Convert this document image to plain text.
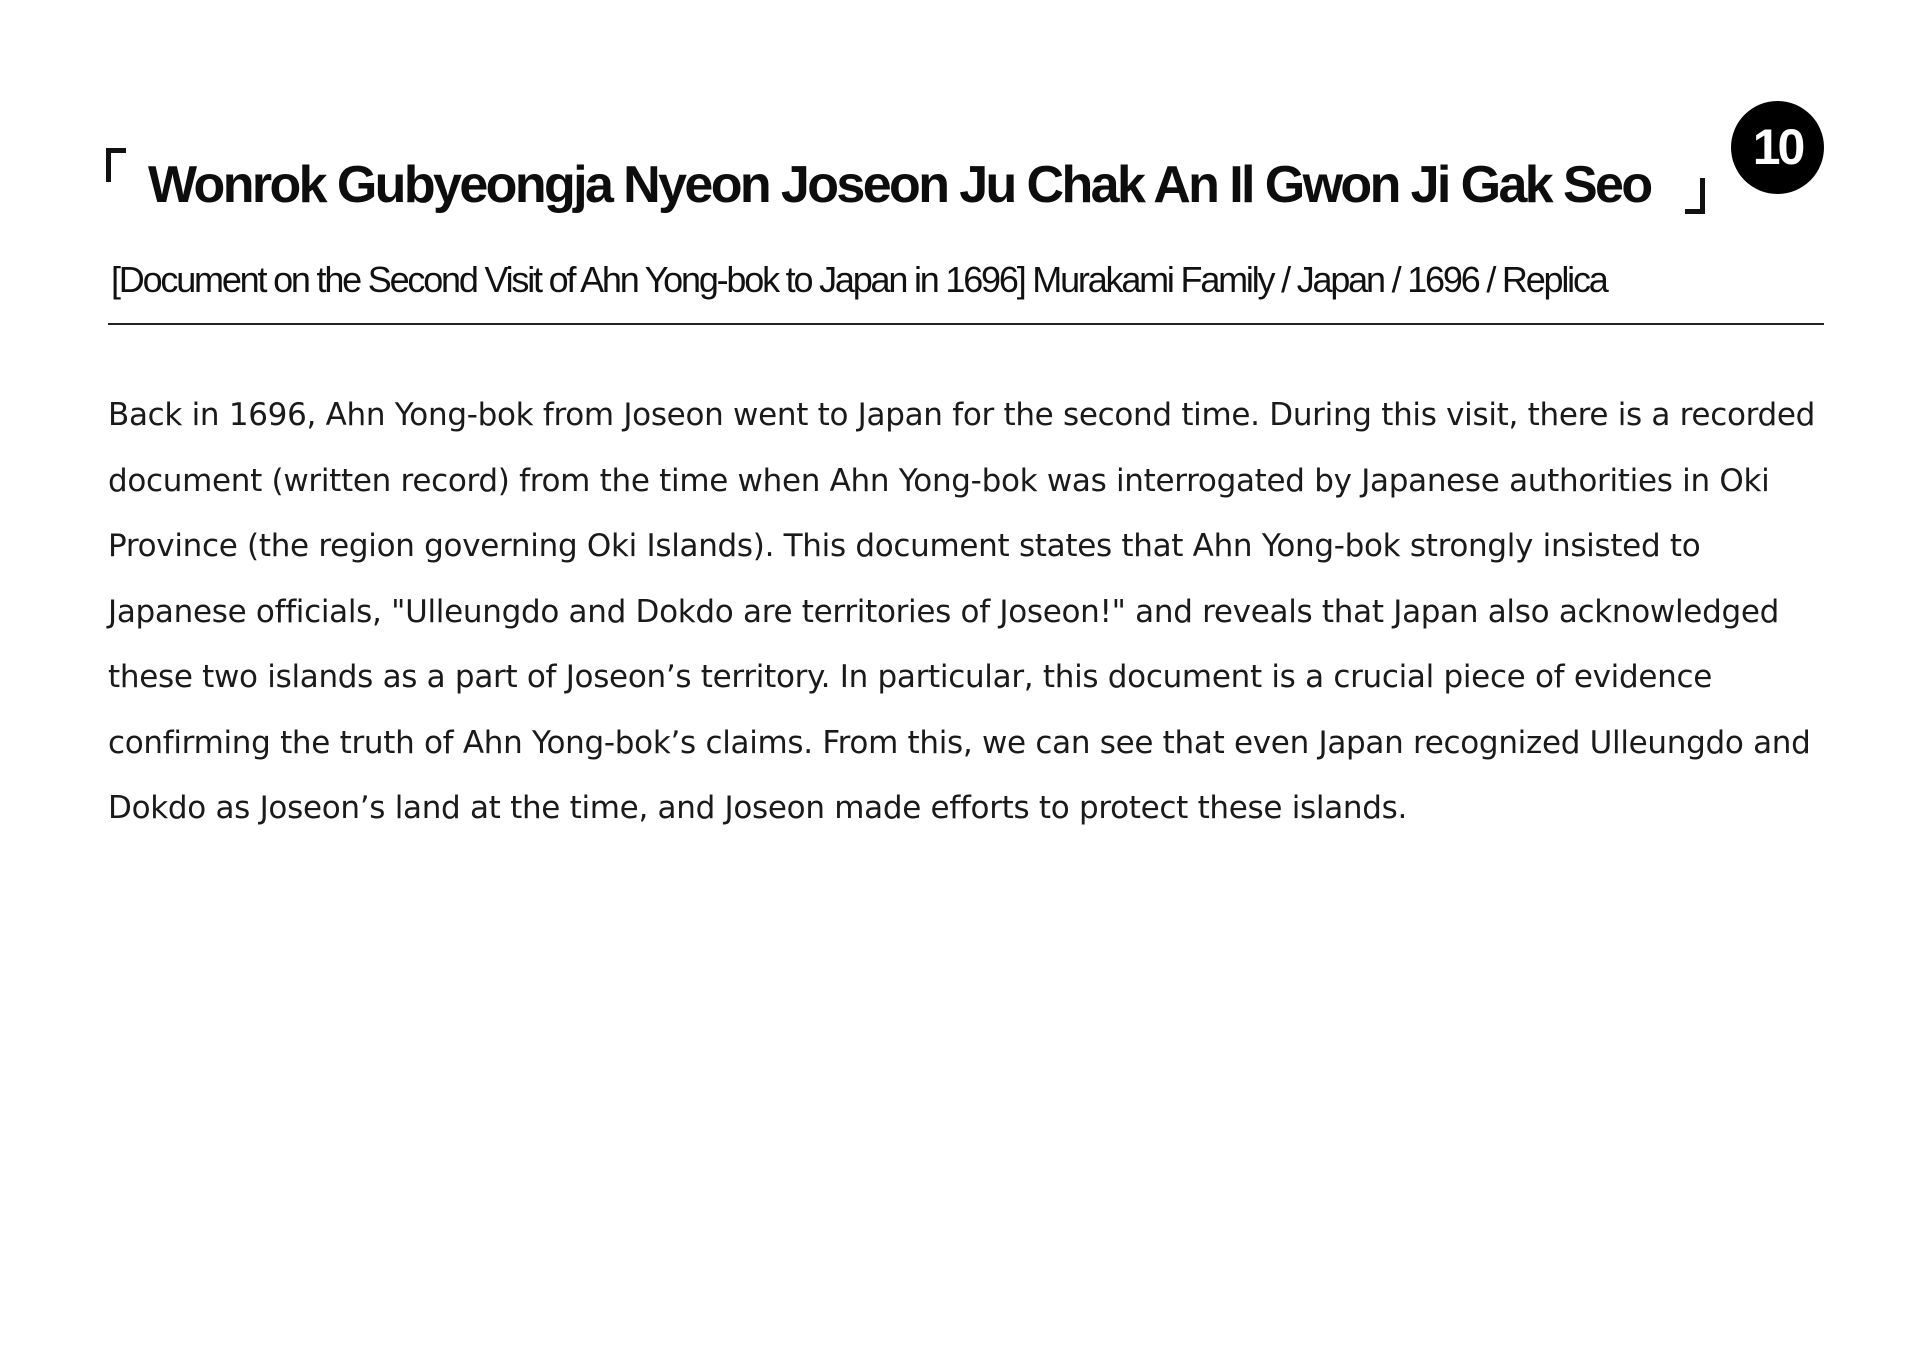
Wonrok Gubyeongja Nyeon Joseon Ju Chak An Il Gwon Ji Gak Seo
10

[Document on the Second Visit of Ahn Yong-bok to Japan in 1696] Murakami Family / Japan / 1696 / Replica

Back in 1696, Ahn Yong-bok from Joseon went to Japan for the second time. During this visit, there is a recorded document (written record) from the time when Ahn Yong-bok was interrogated by Japanese authorities in Oki Province (the region governing Oki Islands). This document states that Ahn Yong-bok strongly insisted to Japanese officials, "Ulleungdo and Dokdo are territories of Joseon!" and reveals that Japan also acknowledged these two islands as a part of Joseon’s territory. In particular, this document is a crucial piece of evidence confirming the truth of Ahn Yong-bok’s claims. From this, we can see that even Japan recognized Ulleungdo and Dokdo as Joseon’s land at the time, and Joseon made efforts to protect these islands.
